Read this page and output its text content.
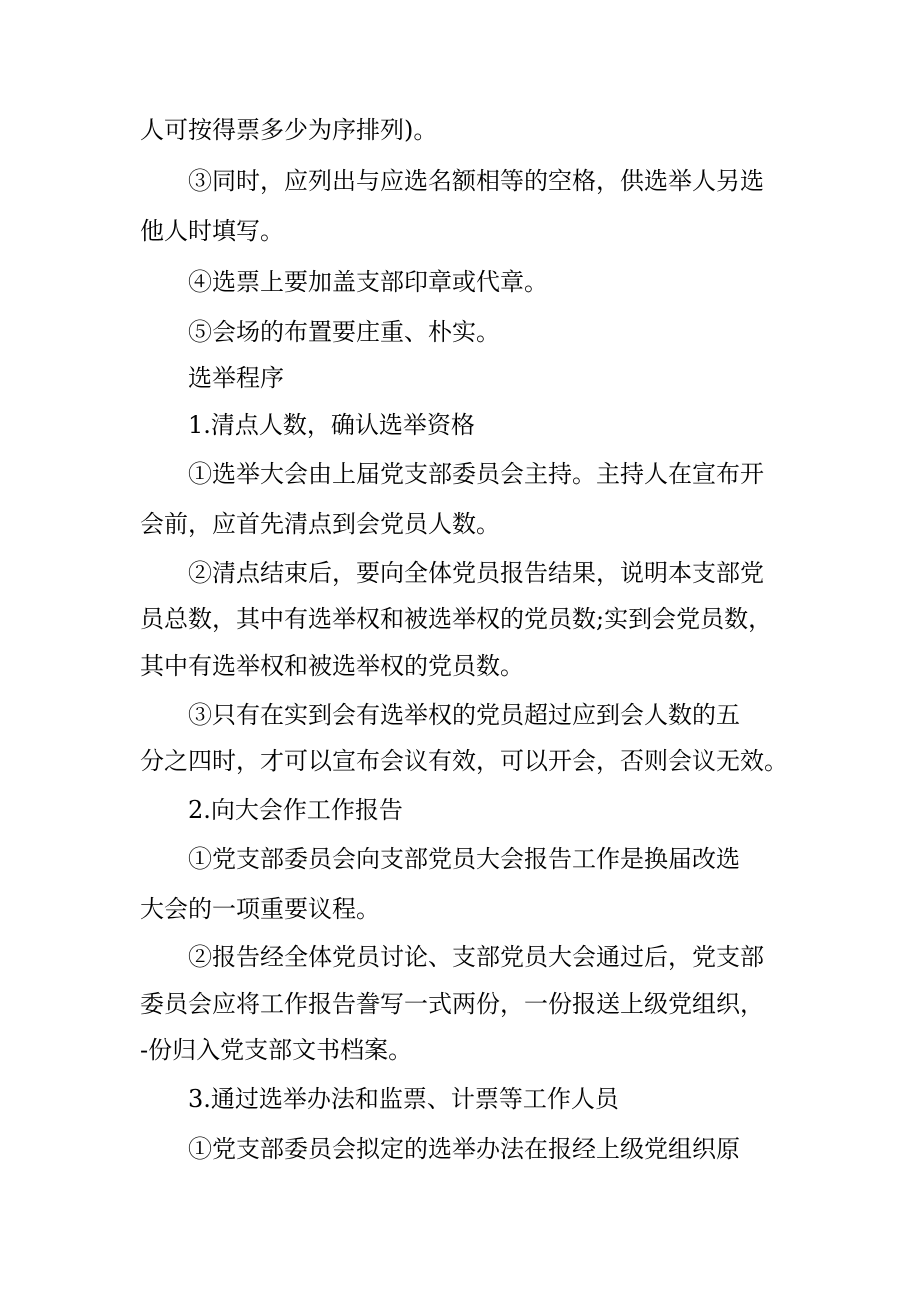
人可按得票多少为序排列)。
③同时，应列出与应选名额相等的空格，供选举人另选
他人时填写。
④选票上要加盖支部印章或代章。
⑤会场的布置要庄重、朴实。
选举程序
1.清点人数，确认选举资格
①选举大会由上届党支部委员会主持。主持人在宣布开
会前，应首先清点到会党员人数。
②清点结束后，要向全体党员报告结果，说明本支部党
员总数，其中有选举权和被选举权的党员数;实到会党员数，
其中有选举权和被选举权的党员数。
③只有在实到会有选举权的党员超过应到会人数的五
分之四时，才可以宣布会议有效，可以开会，否则会议无效。
2.向大会作工作报告
①党支部委员会向支部党员大会报告工作是换届改选
大会的一项重要议程。
②报告经全体党员讨论、支部党员大会通过后，党支部
委员会应将工作报告誊写一式两份，一份报送上级党组织，
-份归入党支部文书档案。
3.通过选举办法和监票、计票等工作人员
①党支部委员会拟定的选举办法在报经上级党组织原
